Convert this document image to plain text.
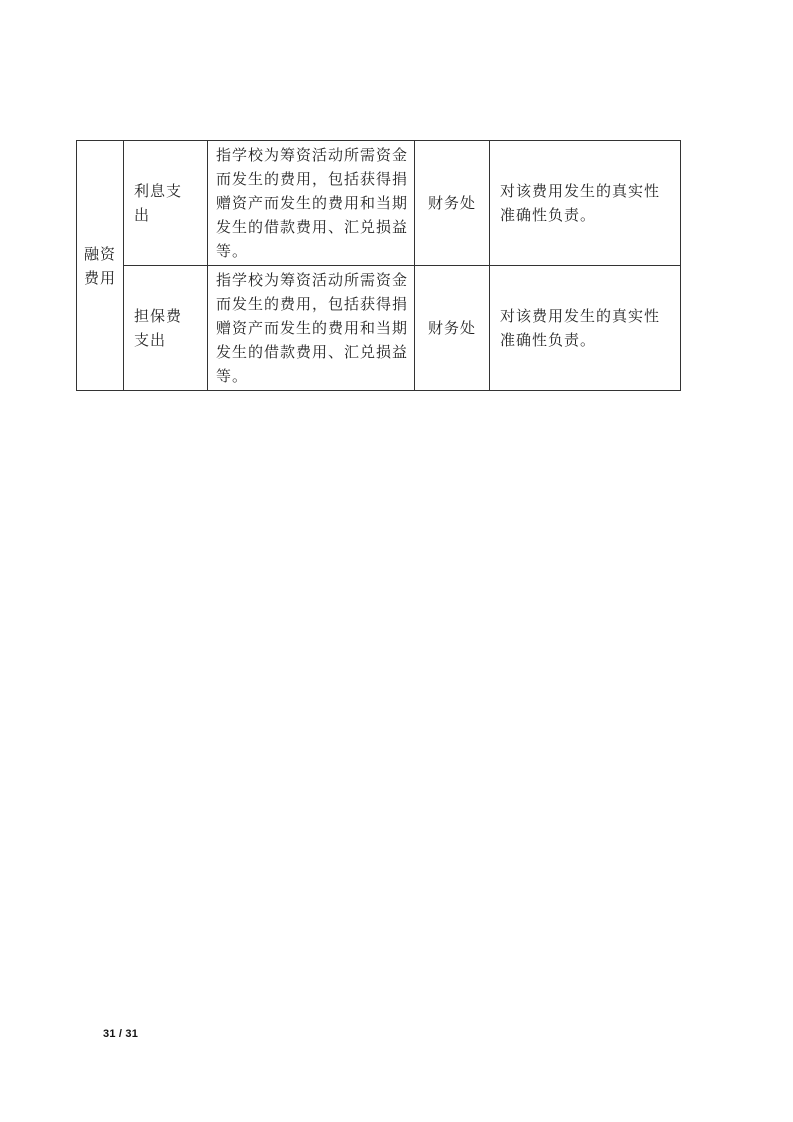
融资费用	利息支出	指学校为筹资活动所需资金而发生的费用，包括获得捐赠资产而发生的费用和当期发生的借款费用、汇兑损益等。	财务处	对该费用发生的真实性准确性负责。

	担保费支出	指学校为筹资活动所需资金而发生的费用，包括获得捐赠资产而发生的费用和当期发生的借款费用、汇兑损益等。	财务处	对该费用发生的真实性准确性负责。
31 / 31
